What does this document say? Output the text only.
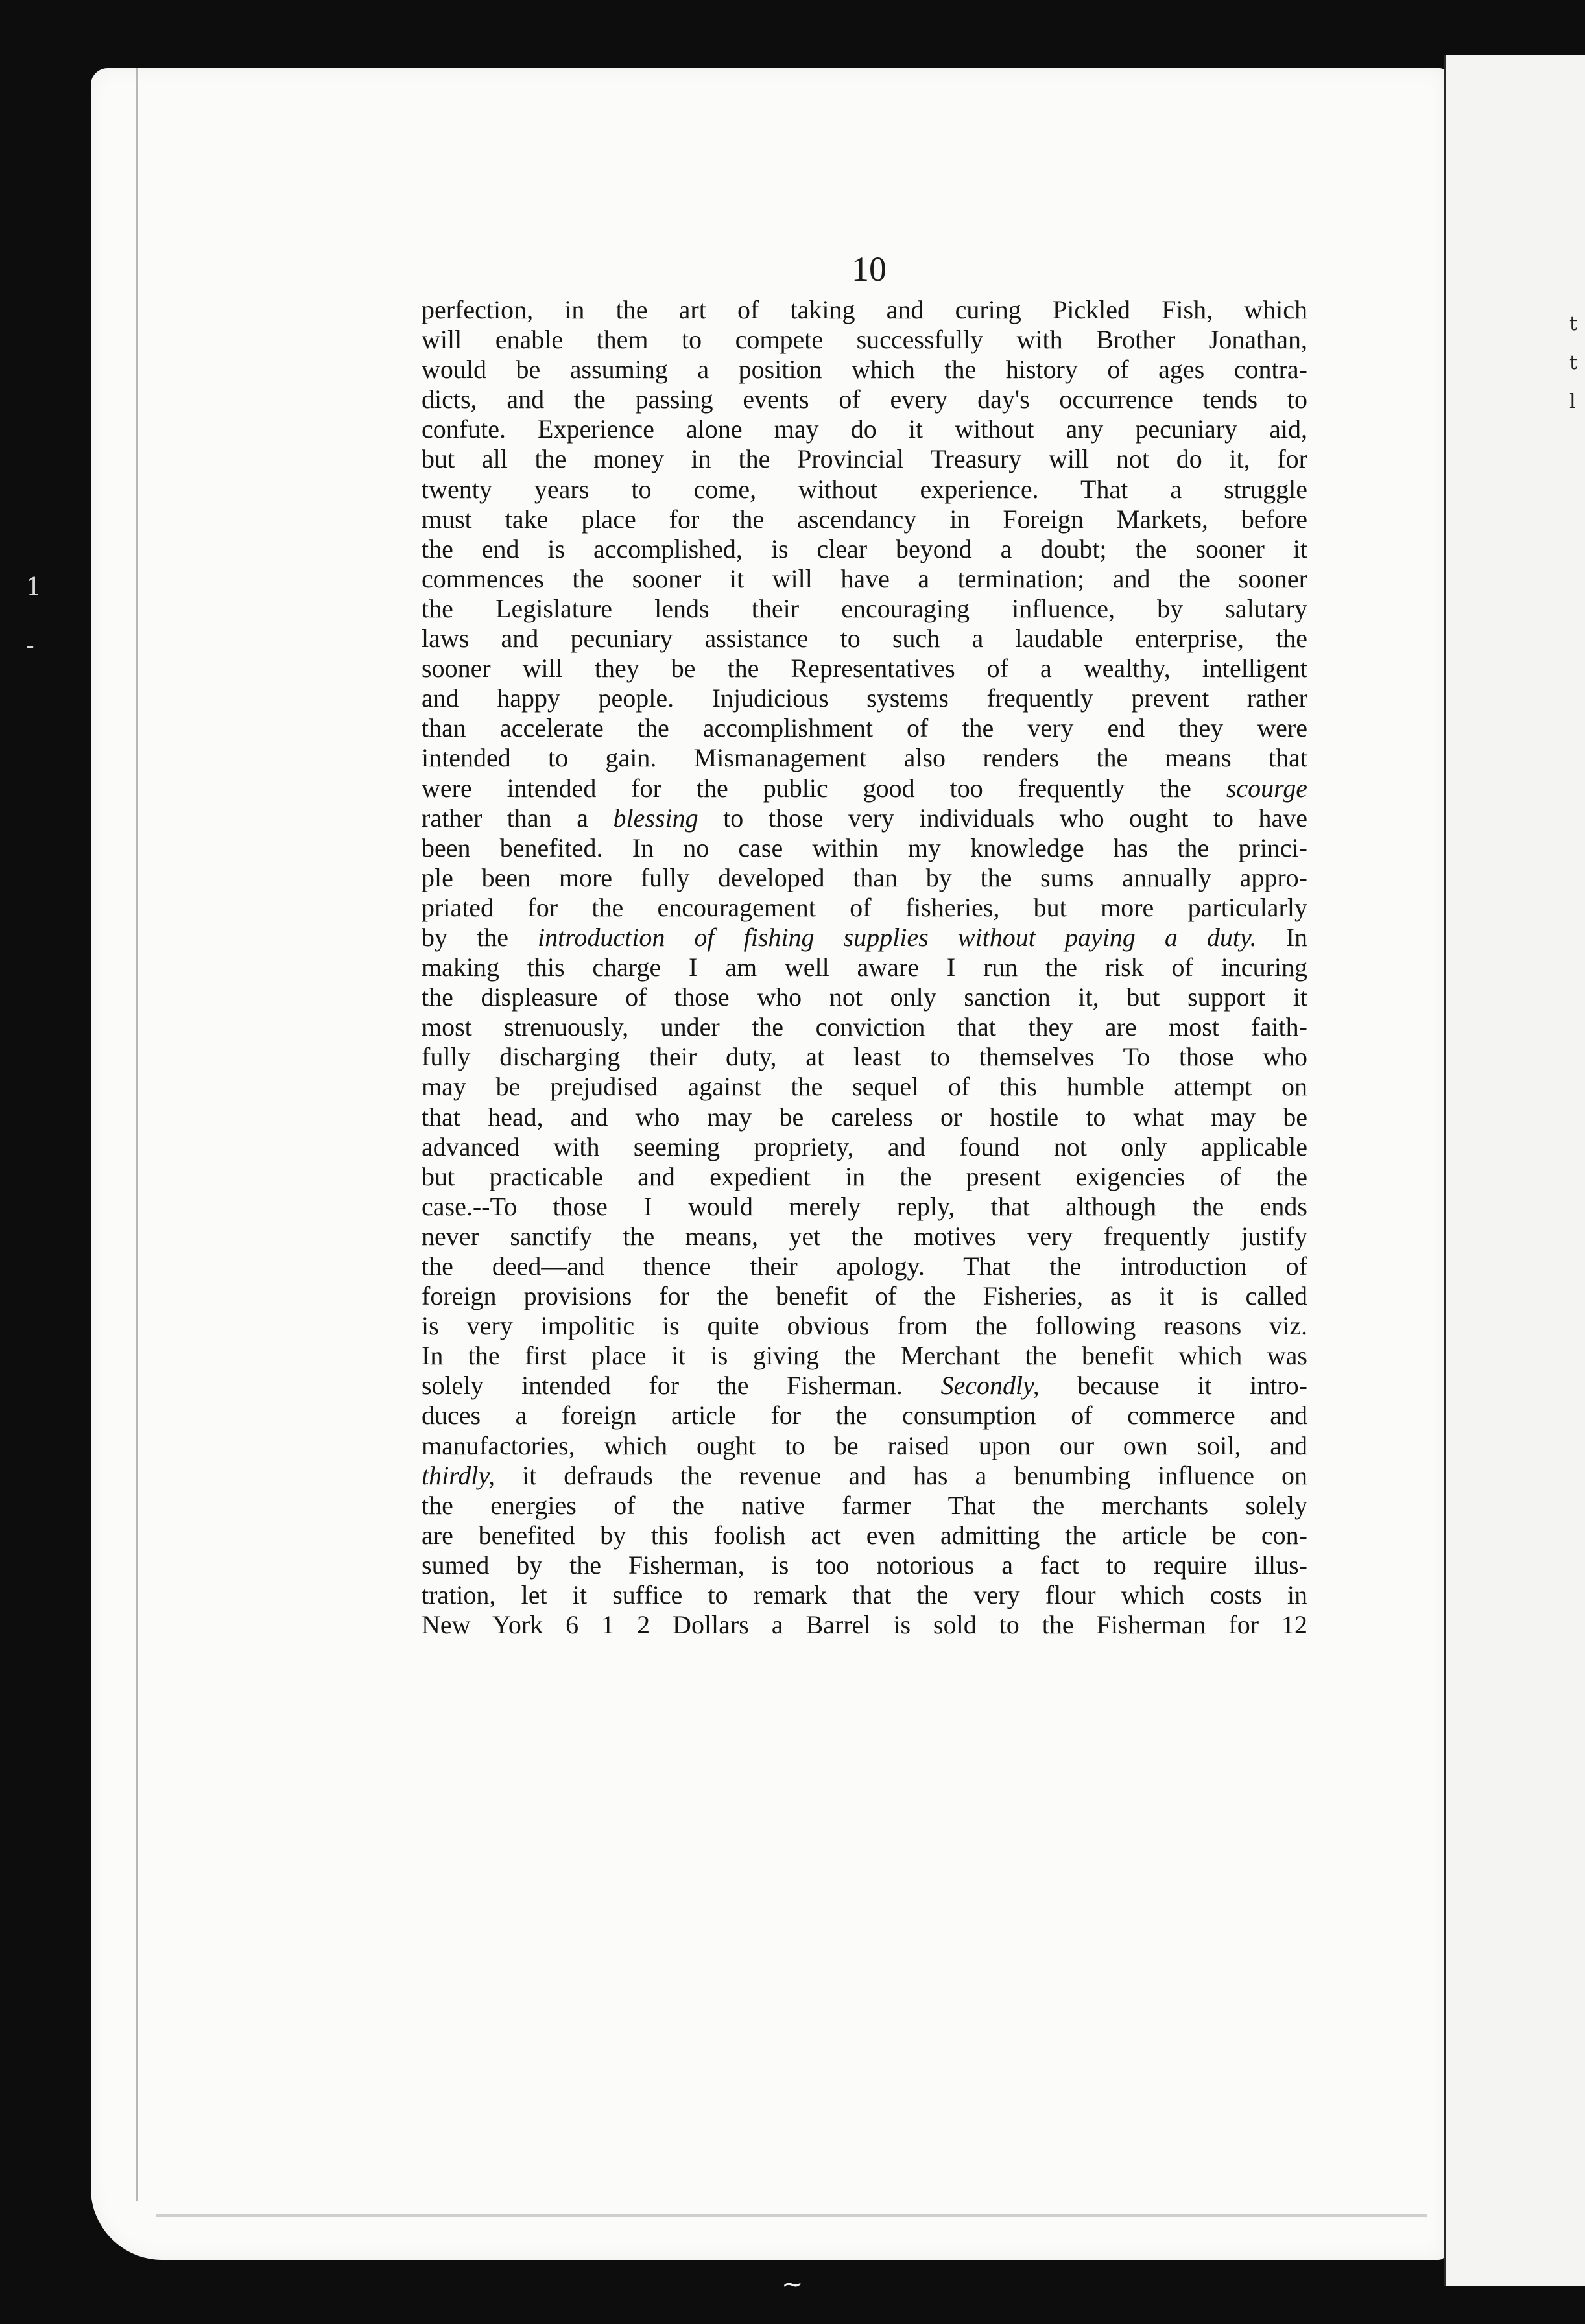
t
t
l
1
-
~
10
perfection, in the art of taking and curing Pickled Fish, which
will enable them to compete successfully with Brother Jonathan,
would be assuming a position which the history of ages contra-
dicts, and the passing events of every day's occurrence tends to
confute. Experience alone may do it without any pecuniary aid,
but all the money in the Provincial Treasury will not do it, for
twenty years to come, without experience. That a struggle
must take place for the ascendancy in Foreign Markets, before
the end is accomplished, is clear beyond a doubt; the sooner it
commences the sooner it will have a termination; and the sooner
the Legislature lends their encouraging influence, by salutary
laws and pecuniary assistance to such a laudable enterprise, the
sooner will they be the Representatives of a wealthy, intelligent
and happy people. Injudicious systems frequently prevent rather
than accelerate the accomplishment of the very end they were
intended to gain. Mismanagement also renders the means that
were intended for the public good too frequently the scourge
rather than a blessing to those very individuals who ought to have
been benefited. In no case within my knowledge has the princi-
ple been more fully developed than by the sums annually appro-
priated for the encouragement of fisheries, but more particularly
by the introduction of fishing supplies without paying a duty. In
making this charge I am well aware I run the risk of incuring
the displeasure of those who not only sanction it, but support it
most strenuously, under the conviction that they are most faith-
fully discharging their duty, at least to themselves To those who
may be prejudised against the sequel of this humble attempt on
that head, and who may be careless or hostile to what may be
advanced with seeming propriety, and found not only applicable
but practicable and expedient in the present exigencies of the
case.--To those I would merely reply, that although the ends
never sanctify the means, yet the motives very frequently justify
the deed—and thence their apology. That the introduction of
foreign provisions for the benefit of the Fisheries, as it is called
is very impolitic is quite obvious from the following reasons viz.
In the first place it is giving the Merchant the benefit which was
solely intended for the Fisherman. Secondly, because it intro-
duces a foreign article for the consumption of commerce and
manufactories, which ought to be raised upon our own soil, and
thirdly, it defrauds the revenue and has a benumbing influence on
the energies of the native farmer That the merchants solely
are benefited by this foolish act even admitting the article be con-
sumed by the Fisherman, is too notorious a fact to require illus-
tration, let it suffice to remark that the very flour which costs in
New York 6 1 2 Dollars a Barrel is sold to the Fisherman for 12
